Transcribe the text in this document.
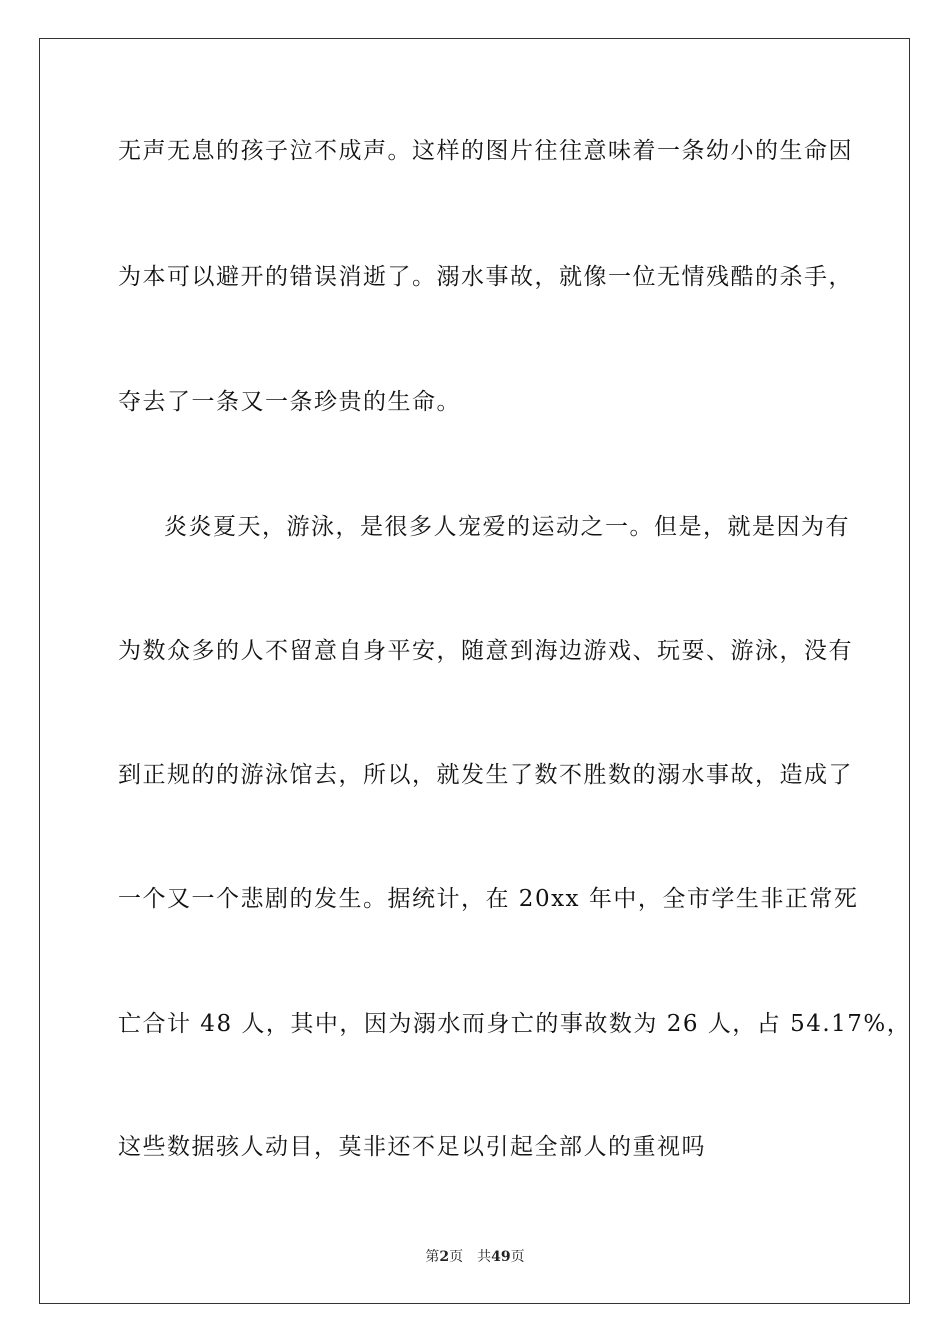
无声无息的孩子泣不成声。这样的图片往往意味着一条幼小的生命因
为本可以避开的错误消逝了。溺水事故，就像一位无情残酷的杀手，
夺去了一条又一条珍贵的生命。
炎炎夏天，游泳，是很多人宠爱的运动之一。但是，就是因为有
为数众多的人不留意自身平安，随意到海边游戏、玩耍、游泳，没有
到正规的的游泳馆去，所以，就发生了数不胜数的溺水事故，造成了
一个又一个悲剧的发生。据统计，在 20xx 年中，全市学生非正常死
亡合计 48 人，其中，因为溺水而身亡的事故数为 26 人，占 54.17%，
这些数据骇人动目，莫非还不足以引起全部人的重视吗
第2页 共49页
